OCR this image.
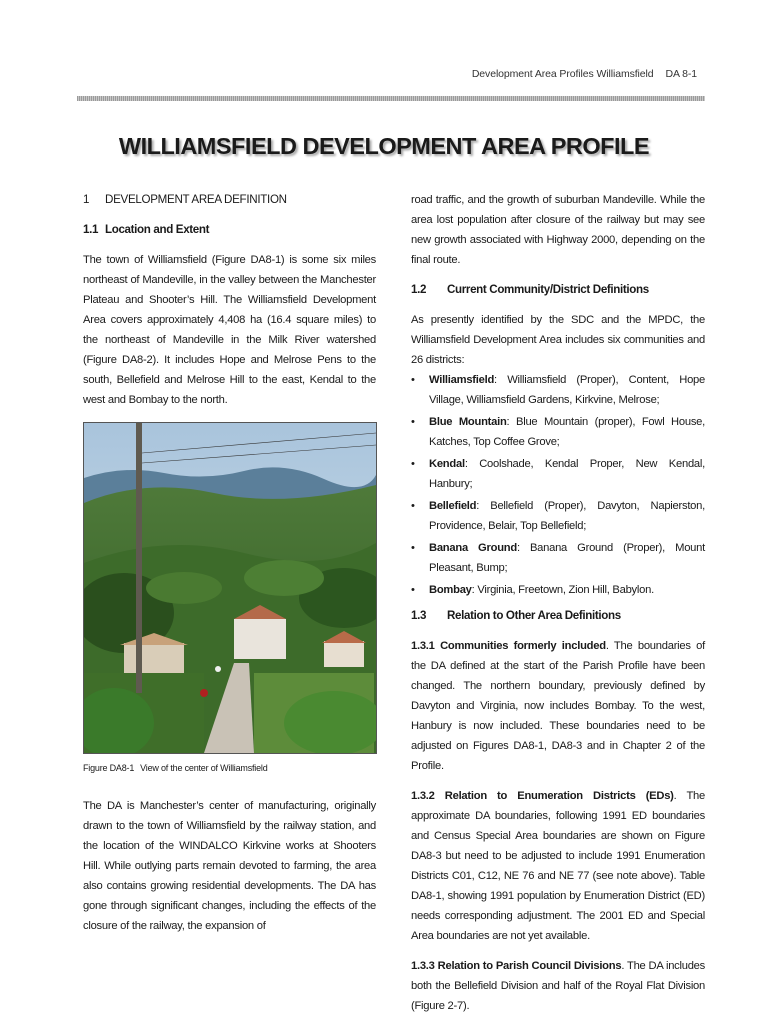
Development Area Profiles Williamsfield DA 8-1
WILLIAMSFIELD DEVELOPMENT AREA PROFILE
1 DEVELOPMENT AREA DEFINITION
1.1 Location and Extent

The town of Williamsfield (Figure DA8-1) is some six miles northeast of Mandeville, in the valley between the Manchester Plateau and Shooter’s Hill. The Williamsfield Development Area covers approximately 4,408 ha (16.4 square miles) to the northeast of Mandeville in the Milk River watershed (Figure DA8-2). It includes Hope and Melrose Pens to the south, Bellefield and Melrose Hill to the east, Kendal to the west and Bombay to the north.

Figure DA8-1 View of the center of Williamsfield

The DA is Manchester’s center of manufacturing, originally drawn to the town of Williamsfield by the railway station, and the location of the WINDALCO Kirkvine works at Shooters Hill. While outlying parts remain devoted to farming, the area also contains growing residential developments. The DA has gone through significant changes, including the effects of the closure of the railway, the expansion of

road traffic, and the growth of suburban Mandeville. While the area lost population after closure of the railway but may see new growth associated with Highway 2000, depending on the final route.

1.2 Current Community/District Definitions

As presently identified by the SDC and the MPDC, the Williamsfield Development Area includes six communities and 26 districts:

• Williamsfield: Williamsfield (Proper), Content, Hope Village, Williamsfield Gardens, Kirkvine, Melrose;
• Blue Mountain: Blue Mountain (proper), Fowl House, Katches, Top Coffee Grove;
• Kendal: Coolshade, Kendal Proper, New Kendal, Hanbury;
• Bellefield: Bellefield (Proper), Davyton, Napierston, Providence, Belair, Top Bellefield;
• Banana Ground: Banana Ground (Proper), Mount Pleasant, Bump;
• Bombay: Virginia, Freetown, Zion Hill, Babylon.
1.3 Relation to Other Area Definitions

1.3.1 Communities formerly included. The boundaries of the DA defined at the start of the Parish Profile have been changed. The northern boundary, previously defined by Davyton and Virginia, now includes Bombay. To the west, Hanbury is now included. These boundaries need to be adjusted on Figures DA8-1, DA8-3 and in Chapter 2 of the Profile.

1.3.2 Relation to Enumeration Districts (EDs). The approximate DA boundaries, following 1991 ED boundaries and Census Special Area boundaries are shown on Figure DA8-3 but need to be adjusted to include 1991 Enumeration Districts C01, C12, NE 76 and NE 77 (see note above). Table DA8-1, showing 1991 population by Enumeration District (ED) needs corresponding adjustment. The 2001 ED and Special Area boundaries are not yet available.

1.3.3 Relation to Parish Council Divisions. The DA includes both the Bellefield Division and half of the Royal Flat Division (Figure 2-7).
